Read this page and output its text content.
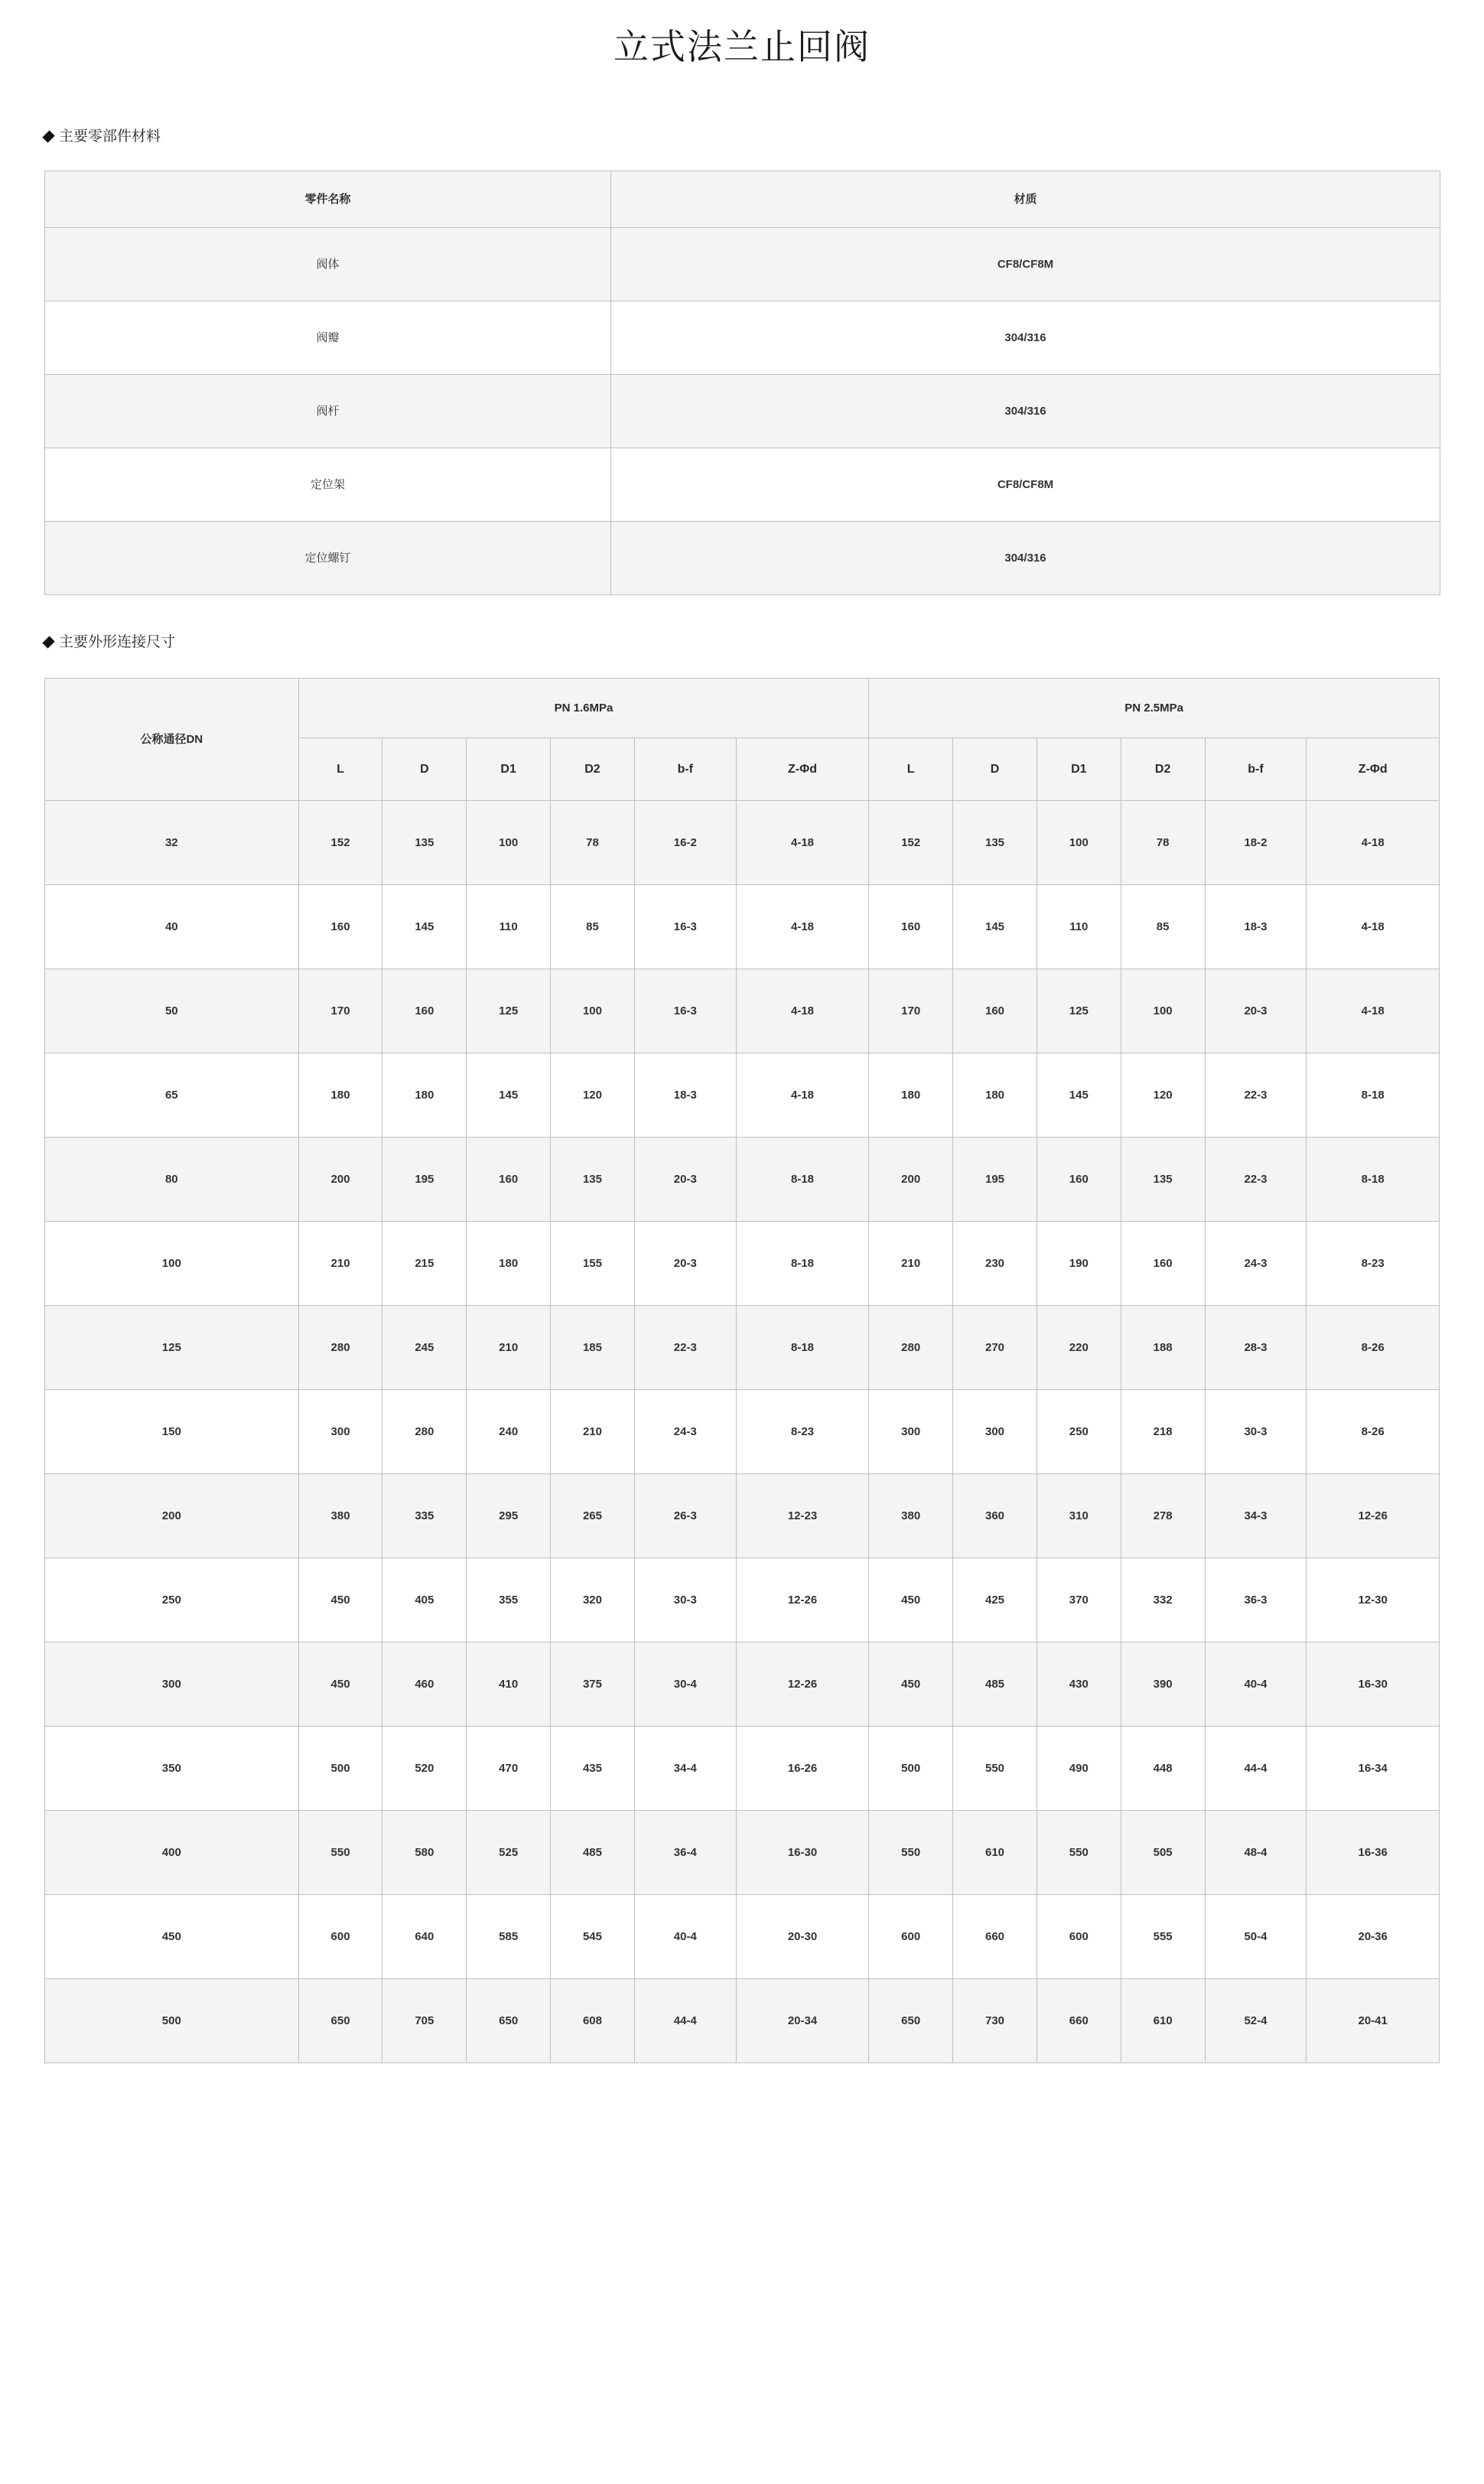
立式法兰止回阀
主要零部件材料
零件名称	材质
阀体	CF8/CF8M
阀瓣	304/316
阀杆	304/316
定位架	CF8/CF8M
定位螺钉	304/316
主要外形连接尺寸
公称通径DN	PN 1.6MPa						PN 2.5MPa					
	L	D	D1	D2	b-f	Z-Φd	L	D	D1	D2	b-f	Z-Φd
32	152	135	100	78	16-2	4-18	152	135	100	78	18-2	4-18
40	160	145	110	85	16-3	4-18	160	145	110	85	18-3	4-18
50	170	160	125	100	16-3	4-18	170	160	125	100	20-3	4-18
65	180	180	145	120	18-3	4-18	180	180	145	120	22-3	8-18
80	200	195	160	135	20-3	8-18	200	195	160	135	22-3	8-18
100	210	215	180	155	20-3	8-18	210	230	190	160	24-3	8-23
125	280	245	210	185	22-3	8-18	280	270	220	188	28-3	8-26
150	300	280	240	210	24-3	8-23	300	300	250	218	30-3	8-26
200	380	335	295	265	26-3	12-23	380	360	310	278	34-3	12-26
250	450	405	355	320	30-3	12-26	450	425	370	332	36-3	12-30
300	450	460	410	375	30-4	12-26	450	485	430	390	40-4	16-30
350	500	520	470	435	34-4	16-26	500	550	490	448	44-4	16-34
400	550	580	525	485	36-4	16-30	550	610	550	505	48-4	16-36
450	600	640	585	545	40-4	20-30	600	660	600	555	50-4	20-36
500	650	705	650	608	44-4	20-34	650	730	660	610	52-4	20-41
